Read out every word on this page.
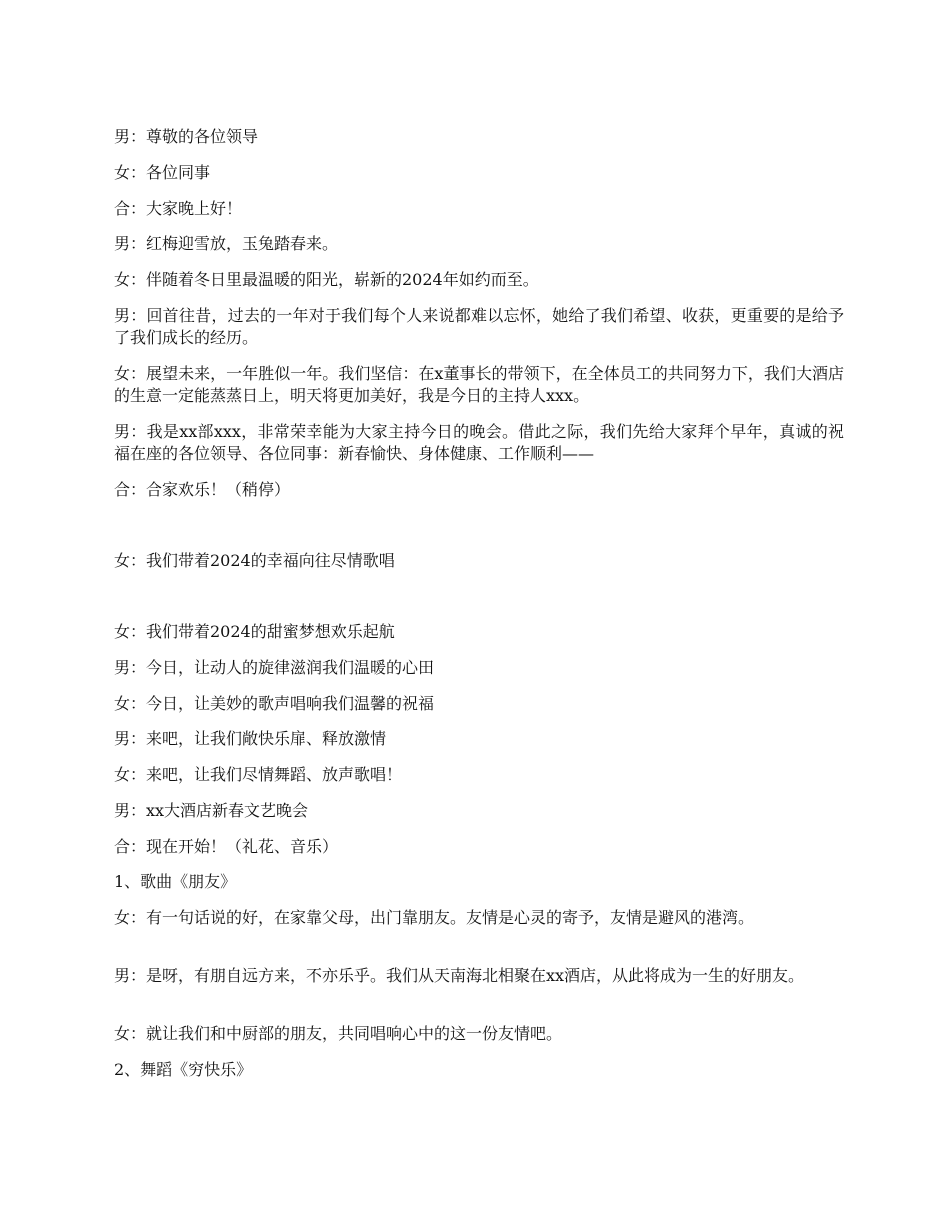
男：尊敬的各位领导

女：各位同事

合：大家晚上好！

男：红梅迎雪放，玉兔踏春来。

女：伴随着冬日里最温暖的阳光，崭新的2024年如约而至。

男：回首往昔，过去的一年对于我们每个人来说都难以忘怀，她给了我们希望、收获，更重要的是给予了我们成长的经历。

女：展望未来，一年胜似一年。我们坚信：在x董事长的带领下，在全体员工的共同努力下，我们大酒店的生意一定能蒸蒸日上，明天将更加美好，我是今日的主持人xxx。

男：我是xx部xxx，非常荣幸能为大家主持今日的晚会。借此之际，我们先给大家拜个早年，真诚的祝福在座的各位领导、各位同事：新春愉快、身体健康、工作顺利——

合：合家欢乐！（稍停）

女：我们带着2024的幸福向往尽情歌唱

女：我们带着2024的甜蜜梦想欢乐起航

男：今日，让动人的旋律滋润我们温暖的心田

女：今日，让美妙的歌声唱响我们温馨的祝福

男：来吧，让我们敞快乐扉、释放激情

女：来吧，让我们尽情舞蹈、放声歌唱！

男：xx大酒店新春文艺晚会

合：现在开始！（礼花、音乐）

1、歌曲《朋友》

女：有一句话说的好，在家靠父母，出门靠朋友。友情是心灵的寄予，友情是避风的港湾。

男：是呀，有朋自远方来，不亦乐乎。我们从天南海北相聚在xx酒店，从此将成为一生的好朋友。

女：就让我们和中厨部的朋友，共同唱响心中的这一份友情吧。

2、舞蹈《穷快乐》
